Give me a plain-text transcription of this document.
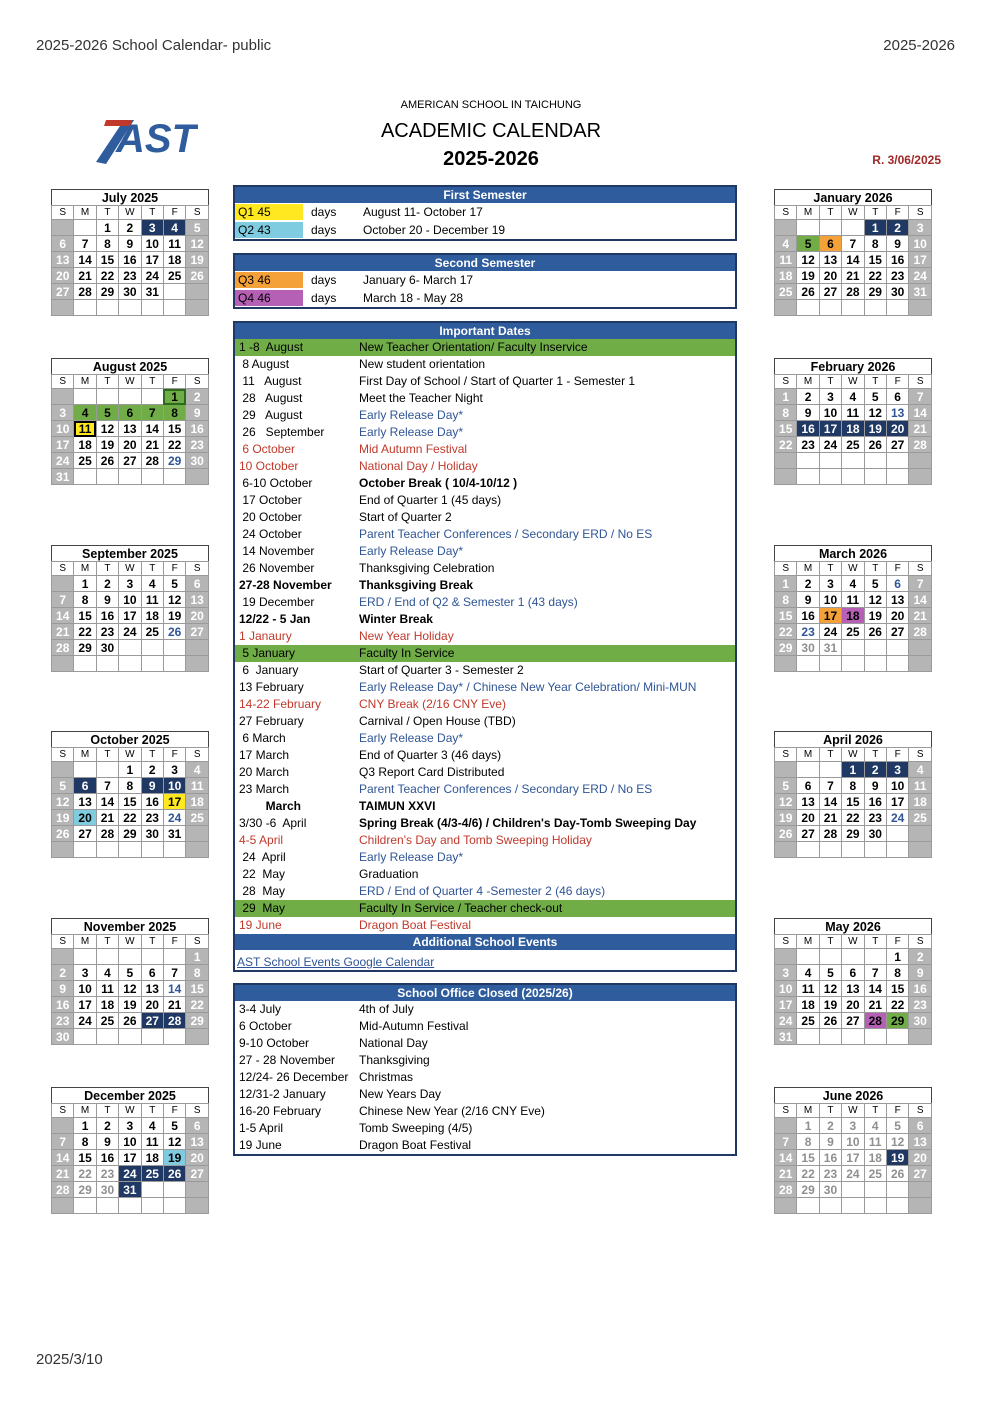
2025-2026 School Calendar- public	2025-2026
2025/3/10
AST
AMERICAN SCHOOL IN TAICHUNG
ACADEMIC CALENDAR
2025-2026	R. 3/06/2025
July 2025						
S	M	T	W	T	F	S
		1	2	3	4	5
6	7	8	9	10	11	12
13	14	15	16	17	18	19
20	21	22	23	24	25	26
27	28	29	30	31		

August 2025						
S	M	T	W	T	F	S
					1	2
3	4	5	6	7	8	9
10	11	12	13	14	15	16
17	18	19	20	21	22	23
24	25	26	27	28	29	30
31						
September 2025						
S	M	T	W	T	F	S
	1	2	3	4	5	6
7	8	9	10	11	12	13
14	15	16	17	18	19	20
21	22	23	24	25	26	27
28	29	30				

October 2025						
S	M	T	W	T	F	S
			1	2	3	4
5	6	7	8	9	10	11
12	13	14	15	16	17	18
19	20	21	22	23	24	25
26	27	28	29	30	31	

November 2025						
S	M	T	W	T	F	S
						1
2	3	4	5	6	7	8
9	10	11	12	13	14	15
16	17	18	19	20	21	22
23	24	25	26	27	28	29
30						
December 2025						
S	M	T	W	T	F	S
	1	2	3	4	5	6
7	8	9	10	11	12	13
14	15	16	17	18	19	20
21	22	23	24	25	26	27
28	29	30	31			

January 2026						
S	M	T	W	T	F	S
				1	2	3
4	5	6	7	8	9	10
11	12	13	14	15	16	17
18	19	20	21	22	23	24
25	26	27	28	29	30	31

February 2026						
S	M	T	W	T	F	S
1	2	3	4	5	6	7
8	9	10	11	12	13	14
15	16	17	18	19	20	21
22	23	24	25	26	27	28

March 2026						
S	M	T	W	T	F	S
1	2	3	4	5	6	7
8	9	10	11	12	13	14
15	16	17	18	19	20	21
22	23	24	25	26	27	28
29	30	31				

April 2026						
S	M	T	W	T	F	S
			1	2	3	4
5	6	7	8	9	10	11
12	13	14	15	16	17	18
19	20	21	22	23	24	25
26	27	28	29	30		

May 2026						
S	M	T	W	T	F	S
					1	2
3	4	5	6	7	8	9
10	11	12	13	14	15	16
17	18	19	20	21	22	23
24	25	26	27	28	29	30
31						
June 2026						
S	M	T	W	T	F	S
	1	2	3	4	5	6
7	8	9	10	11	12	13
14	15	16	17	18	19	20
21	22	23	24	25	26	27
28	29	30				

First Semester
Q1 45	days August 11- October 17
Q2 43	days October 20 - December 19
Second Semester
Q3 46	days January 6- March 17
Q4 46	days March 18 - May 28
Important Dates
1 -8  August	New Teacher Orientation/ Faculty Inservice
8 August	New student orientation
11   August	First Day of School / Start of Quarter 1 - Semester 1
28   August	Meet the Teacher Night
29   August	Early Release Day*
26   September	Early Release Day*
6 October	Mid Autumn Festival
10 October	National Day / Holiday
6-10 October	October Break ( 10/4-10/12 )
17 October	End of Quarter 1 (45 days)
20 October	Start of Quarter 2
24 October	Parent Teacher Conferences / Secondary ERD / No ES
14 November	Early Release Day*
26 November	Thanksgiving Celebration
27-28 November Thanksgiving Break
19 December	ERD / End of Q2 & Semester 1 (43 days)
12/22 - 5 Jan	Winter Break
1 Janaury	New Year Holiday
5 January	Faculty In Service
6  January	Start of Quarter 3 - Semester 2
13 February	Early Release Day* / Chinese New Year Celebration/ Mini-MUN
14-22 February	CNY Break (2/16 CNY Eve)
27 February	Carnival / Open House (TBD)
6 March	Early Release Day*
17 March	End of Quarter 3 (46 days)
20 March	Q3 Report Card Distributed
23 March	Parent Teacher Conferences / Secondary ERD / No ES
March	TAIMUN XXVI
3/30 -6  April	Spring Break (4/3-4/6) / Children's Day-Tomb Sweeping Day
4-5 April	Children's Day and Tomb Sweeping Holiday
24  April	Early Release Day*
22  May	Graduation
28  May	ERD / End of Quarter 4 -Semester 2 (46 days)
29  May	Faculty In Service / Teacher check-out
19 June	Dragon Boat Festival
Additional School Events
AST School Events Google Calendar
School Office Closed (2025/26)
3-4 July	4th of July
6 October	Mid-Autumn Festival
9-10 October	National Day
27 - 28 November Thanksgiving
12/24- 26 December Christmas
12/31-2 January	New Years Day
16-20 February	Chinese New Year (2/16 CNY Eve)
1-5 April	Tomb Sweeping (4/5)
19 June	Dragon Boat Festival
